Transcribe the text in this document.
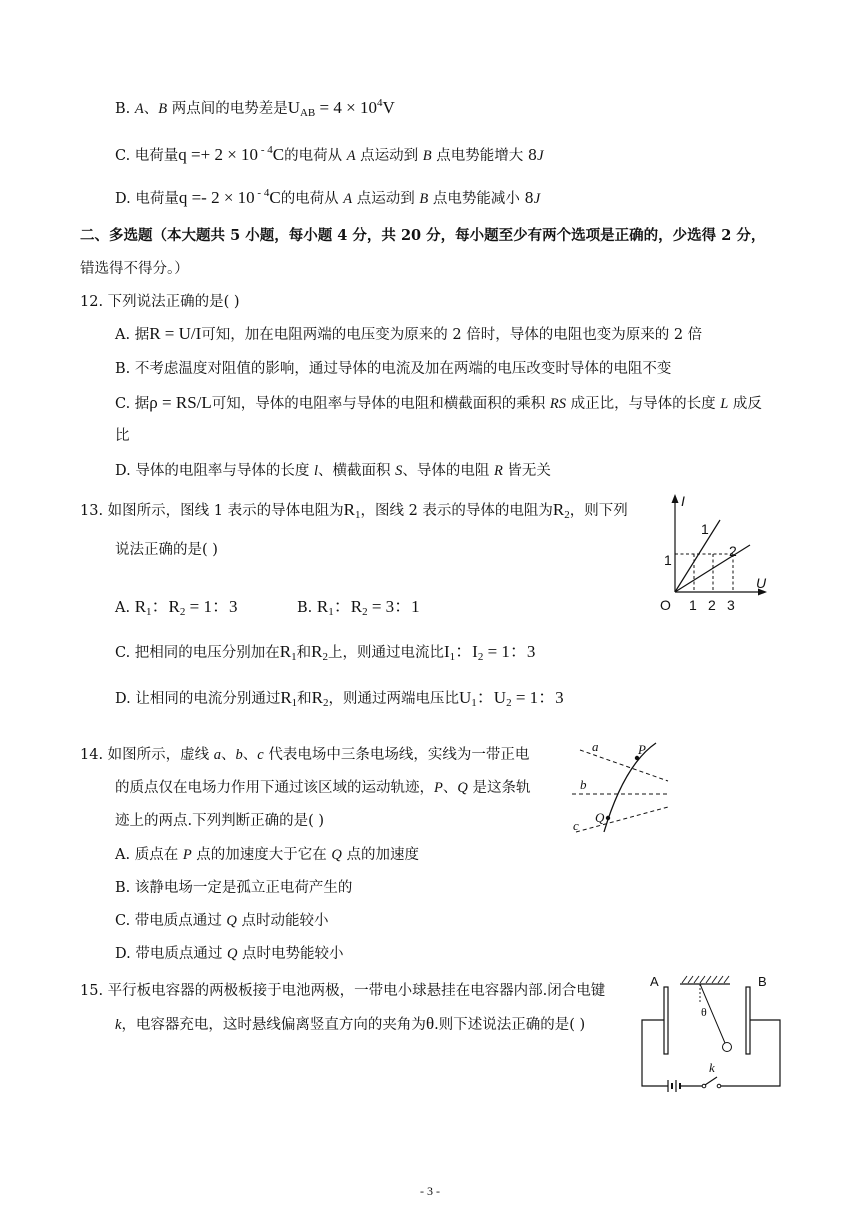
B. A、B 两点间的电势差是$U_{AB} = 4 \times 10^4V$
C. 电荷量q =+ 2 × 10 $^{- 4}$C的电荷从 A 点运动到 B 点电势能增大 8J
D. 电荷量q =- 2 × 10 $^{- 4}$C的电荷从 A 点运动到 B 点电势能减小 8J
二、多选题（本大题共 5 小题，每小题 4 分，共 20 分，每小题至少有两个选项是正确的，少选得 2 分，
错选得不得分。）
12. 下列说法正确的是( )
A. 据R = U/I可知，加在电阻两端的电压变为原来的 2 倍时，导体的电阻也变为原来的 2 倍
B. 不考虑温度对阻值的影响，通过导体的电流及加在两端的电压改变时导体的电阻不变
C. 据ρ = RS/L可知，导体的电阻率与导体的电阻和横截面积的乘积 RS 成正比，与导体的长度 L 成反
比
D. 导体的电阻率与导体的长度 l、横截面积 S、导体的电阻 R 皆无关
13. 如图所示，图线 1 表示的导体电阻为$R_1$，图线 2 表示的导体的电阻为$R_2$，则下列
说法正确的是( )
A. $R_1$：$R_2 = 1$：3	B. $R_1$：$R_2 = 3$：1
C. 把相同的电压分别加在$R_1$和$R_2$上，则通过电流比$I_1$：$I_2 = 1$：3
D. 让相同的电流分别通过$R_1$和$R_2$，则通过两端电压比$U_1$：$U_2 = 1$：3
I
U
O
1
1 2 3
1
2
14. 如图所示，虚线 a、b、c 代表电场中三条电场线，实线为一带正电
的质点仅在电场力作用下通过该区域的运动轨迹，P、Q 是这条轨
迹上的两点.下列判断正确的是( )
A. 质点在 P 点的加速度大于它在 Q 点的加速度
B. 该静电场一定是孤立正电荷产生的
C. 带电质点通过 Q 点时动能较小
D. 带电质点通过 Q 点时电势能较小
a
b
c
P
Q
15. 平行板电容器的两极板接于电池两极，一带电小球悬挂在电容器内部.闭合电键
k，电容器充电，这时悬线偏离竖直方向的夹角为θ.则下述说法正确的是( )
A	B
k
θ
- 3 -
